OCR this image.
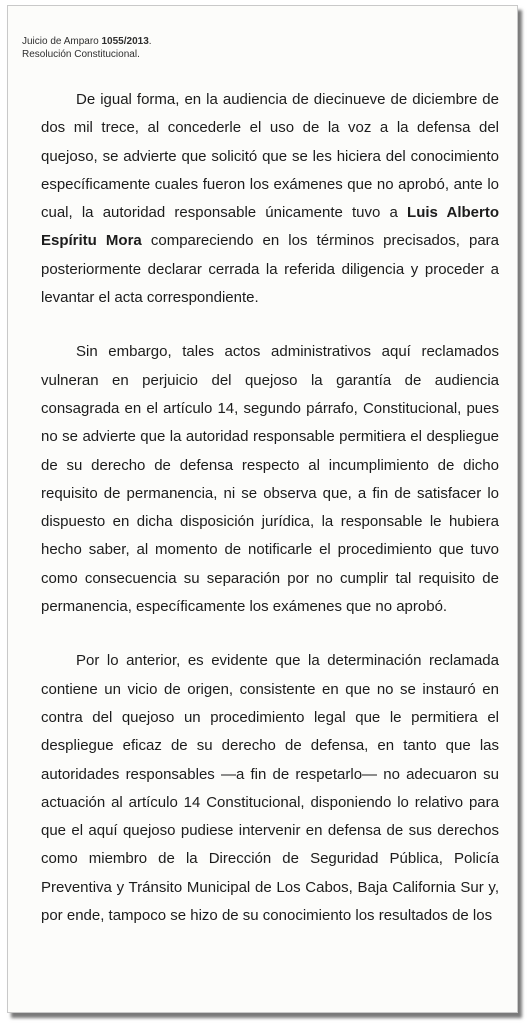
Juicio de Amparo 1055/2013.
Resolución Constitucional.

De igual forma, en la audiencia de diecinueve de diciembre de dos mil trece, al concederle el uso de la voz a la defensa del quejoso, se advierte que solicitó que se les hiciera del conocimiento específicamente cuales fueron los exámenes que no aprobó, ante lo cual, la autoridad responsable únicamente tuvo a Luis Alberto Espíritu Mora compareciendo en los términos precisados, para posteriormente declarar cerrada la referida diligencia y proceder a levantar el acta correspondiente.

Sin embargo, tales actos administrativos aquí reclamados vulneran en perjuicio del quejoso la garantía de audiencia consagrada en el artículo 14, segundo párrafo, Constitucional, pues no se advierte que la autoridad responsable permitiera el despliegue de su derecho de defensa respecto al incumplimiento de dicho requisito de permanencia, ni se observa que, a fin de satisfacer lo dispuesto en dicha disposición jurídica, la responsable le hubiera hecho saber, al momento de notificarle el procedimiento que tuvo como consecuencia su separación por no cumplir tal requisito de permanencia, específicamente los exámenes que no aprobó.

Por lo anterior, es evidente que la determinación reclamada contiene un vicio de origen, consistente en que no se instauró en contra del quejoso un procedimiento legal que le permitiera el despliegue eficaz de su derecho de defensa, en tanto que las autoridades responsables —a fin de respetarlo— no adecuaron su actuación al artículo 14 Constitucional, disponiendo lo relativo para que el aquí quejoso pudiese intervenir en defensa de sus derechos como miembro de la Dirección de Seguridad Pública, Policía Preventiva y Tránsito Municipal de Los Cabos, Baja California Sur y, por ende, tampoco se hizo de su conocimiento los resultados de los
